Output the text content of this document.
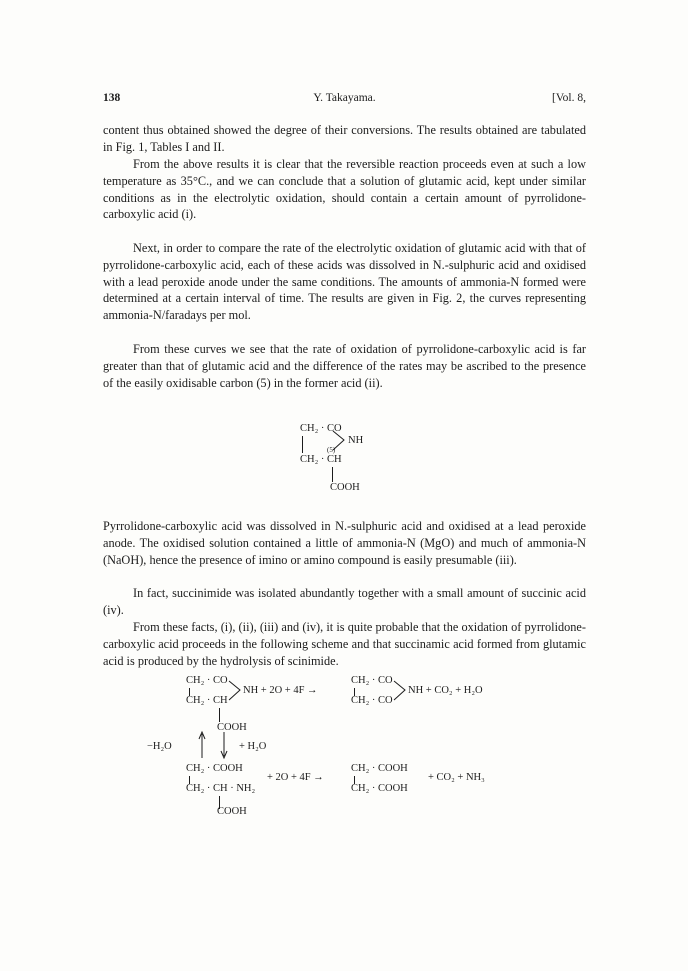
138	Y. Takayama.	[Vol. 8,

content thus obtained showed the degree of their conversions. The results obtained are tabulated in Fig. 1, Tables I and II.

From the above results it is clear that the reversible reaction proceeds even at such a low temperature as 35°C., and we can conclude that a solution of glutamic acid, kept under similar conditions as in the electrolytic oxidation, should contain a certain amount of pyrrolidone-carboxylic acid (i).

Next, in order to compare the rate of the electrolytic oxidation of glutamic acid with that of pyrrolidone-carboxylic acid, each of these acids was dissolved in N.-sulphuric acid and oxidised with a lead peroxide anode under the same conditions. The amounts of ammonia-N formed were determined at a certain interval of time. The results are given in Fig. 2, the curves representing ammonia-N/faradays per mol.

From these curves we see that the rate of oxidation of pyrrolidone-carboxylic acid is far greater than that of glutamic acid and the difference of the rates may be ascribed to the presence of the easily oxidisable carbon (5) in the former acid (ii).

CH₂ · CO
NH
(5)
CH₂ · CH
COOH

Pyrrolidone-carboxylic acid was dissolved in N.-sulphuric acid and oxidised at a lead peroxide anode. The oxidised solution contained a little of ammonia-N (MgO) and much of ammonia-N (NaOH), hence the presence of imino or amino compound is easily presumable (iii).

In fact, succinimide was isolated abundantly together with a small amount of succinic acid (iv).

From these facts, (i), (ii), (iii) and (iv), it is quite probable that the oxidation of pyrrolidone-carboxylic acid proceeds in the following scheme and that succinamic acid formed from glutamic acid is produced by the hydrolysis of scinimide.

CH₂ · CO
CH₂ · CH
NH + 2O + 4F →
COOH
CH₂ · CO
CH₂ · CO
NH + CO₂ + H₂O
−H₂O	+ H₂O
CH₂ · COOH
CH₂ · CH · NH₂
COOH
+ 2O + 4F →
CH₂ · COOH
CH₂ · COOH
+ CO₂ + NH₃
